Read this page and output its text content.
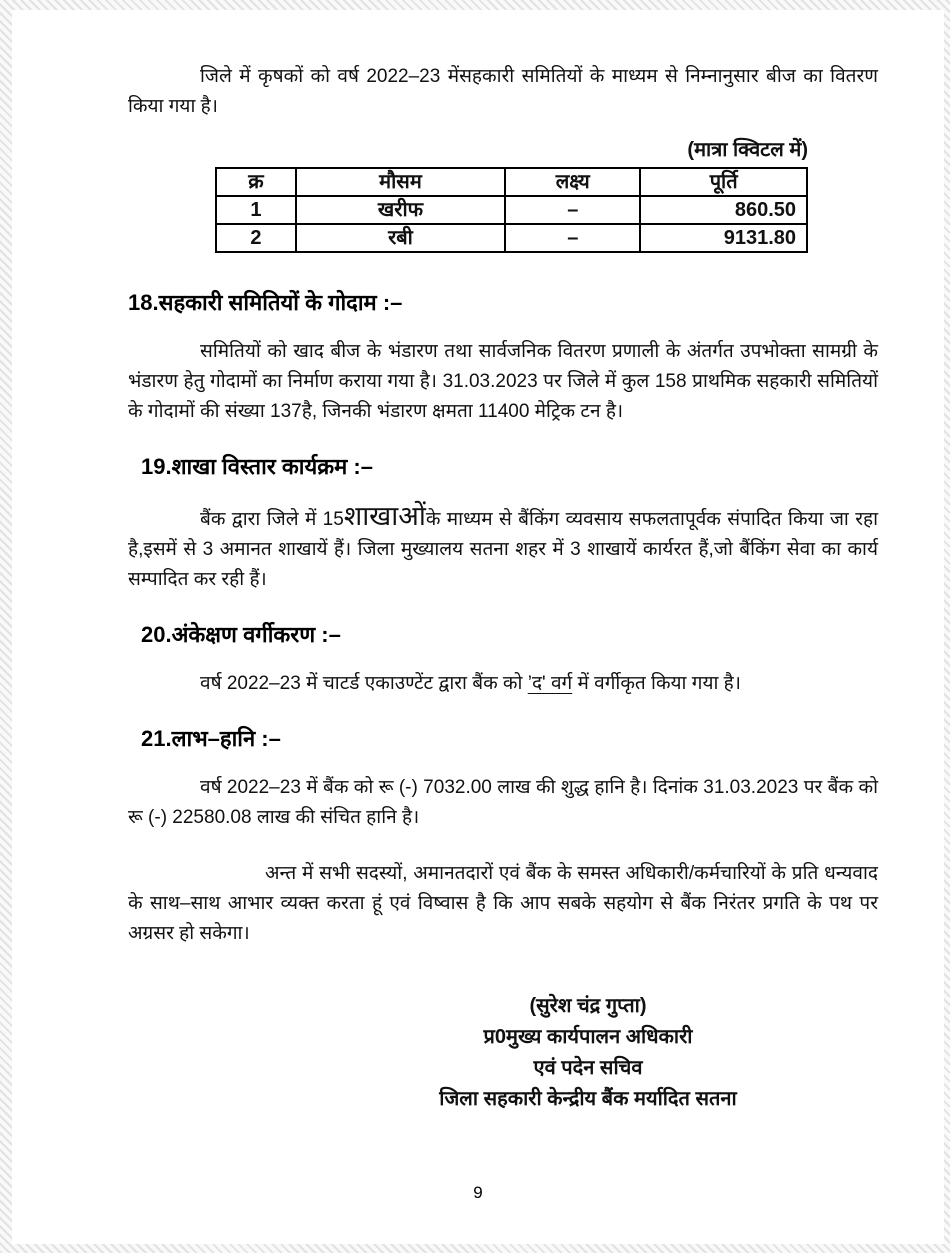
जिले में कृषकों को वर्ष 2022–23 मेंसहकारी समितियों के माध्यम से निम्नानुसार बीज का वितरण किया गया है।

(मात्रा क्विटल में)
क्र	मौसम	लक्ष्य	पूर्ति
1	खरीफ	–	860.50
2	रबी	–	9131.80
18.सहकारी समितियों के गोदाम :–

समितियों को खाद बीज के भंडारण तथा सार्वजनिक वितरण प्रणाली के अंतर्गत उपभोक्ता सामग्री के भंडारण हेतु गोदामों का निर्माण कराया गया है। 31.03.2023 पर जिले में कुल 158 प्राथमिक सहकारी समितियों के गोदामों की संख्या 137है, जिनकी भंडारण क्षमता 11400 मेट्रिक टन है।

19.शाखा विस्तार कार्यक्रम :–

बैंक द्वारा जिले में 15शाखाओंके माध्यम से बैंकिंग व्यवसाय सफलतापूर्वक संपादित किया जा रहा है,इसमें से 3 अमानत शाखायें हैं। जिला मुख्यालय सतना शहर में 3 शाखायें कार्यरत हैं,जो बैंकिंग सेवा का कार्य सम्पादित कर रही हैं।

20.अंकेक्षण वर्गीकरण :–

वर्ष 2022–23 में चाटर्ड एकाउण्टेंट द्वारा बैंक को ’द' वर्ग में वर्गीकृत किया गया है।

21.लाभ–हानि :–

वर्ष 2022–23 में बैंक को रू (-) 7032.00 लाख की शुद्ध हानि है। दिनांक 31.03.2023 पर बैंक को रू (-) 22580.08 लाख की संचित हानि है।

अन्त में सभी सदस्यों, अमानतदारों एवं बैंक के समस्त अधिकारी/कर्मचारियों के प्रति धन्यवाद के साथ–साथ आभार व्यक्त करता हूं एवं विष्वास है कि आप सबके सहयोग से बैंक निरंतर प्रगति के पथ पर अग्रसर हो सकेगा।

(सुरेश चंद्र गुप्ता)
प्र0मुख्य कार्यपालन अधिकारी
एवं पदेन सचिव
जिला सहकारी केन्द्रीय बैंक मर्यादित सतना
9
